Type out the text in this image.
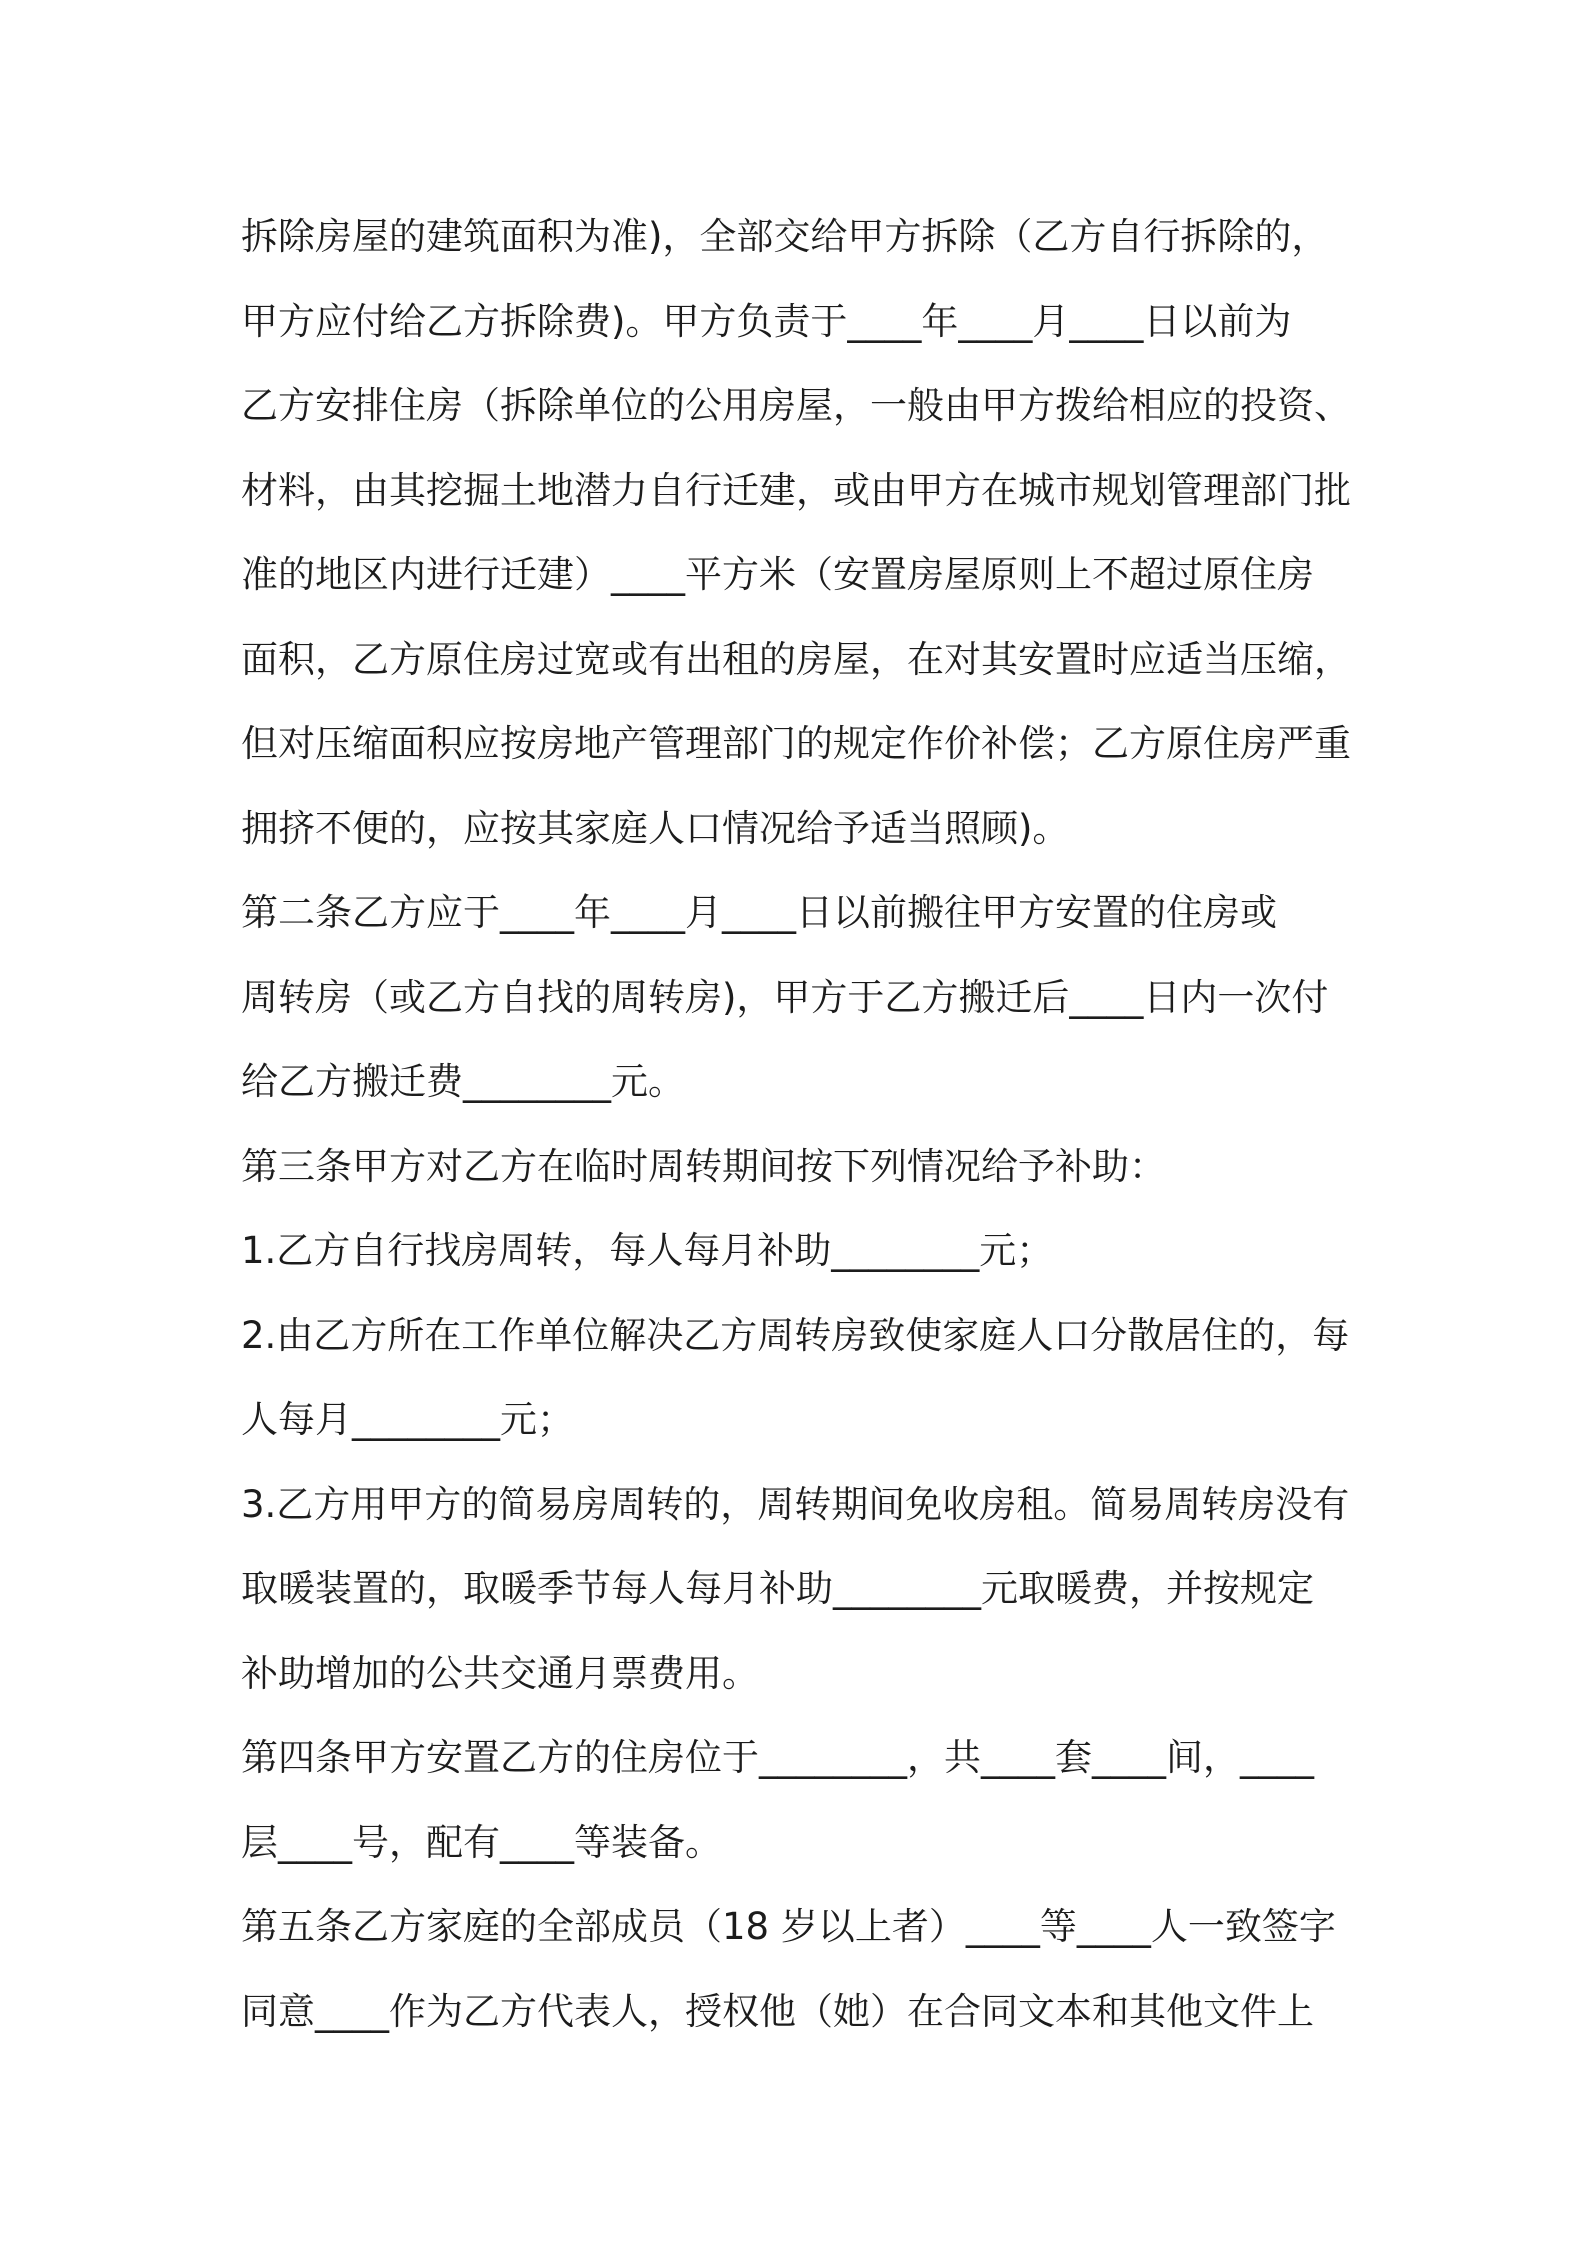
拆除房屋的建筑面积为准)，全部交给甲方拆除（乙方自行拆除的，
甲方应付给乙方拆除费)。甲方负责于____年____月____日以前为
乙方安排住房（拆除单位的公用房屋，一般由甲方拨给相应的投资、
材料，由其挖掘土地潜力自行迁建，或由甲方在城市规划管理部门批
准的地区内进行迁建）____平方米（安置房屋原则上不超过原住房
面积，乙方原住房过宽或有出租的房屋，在对其安置时应适当压缩，
但对压缩面积应按房地产管理部门的规定作价补偿；乙方原住房严重
拥挤不便的，应按其家庭人口情况给予适当照顾)。
第二条乙方应于____年____月____日以前搬往甲方安置的住房或
周转房（或乙方自找的周转房)，甲方于乙方搬迁后____日内一次付
给乙方搬迁费________元。
第三条甲方对乙方在临时周转期间按下列情况给予补助：
1.乙方自行找房周转，每人每月补助________元；
2.由乙方所在工作单位解决乙方周转房致使家庭人口分散居住的，每
人每月________元；
3.乙方用甲方的简易房周转的，周转期间免收房租。简易周转房没有
取暖装置的，取暖季节每人每月补助________元取暖费，并按规定
补助增加的公共交通月票费用。
第四条甲方安置乙方的住房位于________，共____套____间，____
层____号，配有____等装备。
第五条乙方家庭的全部成员（18 岁以上者）____等____人一致签字
同意____作为乙方代表人，授权他（她）在合同文本和其他文件上
